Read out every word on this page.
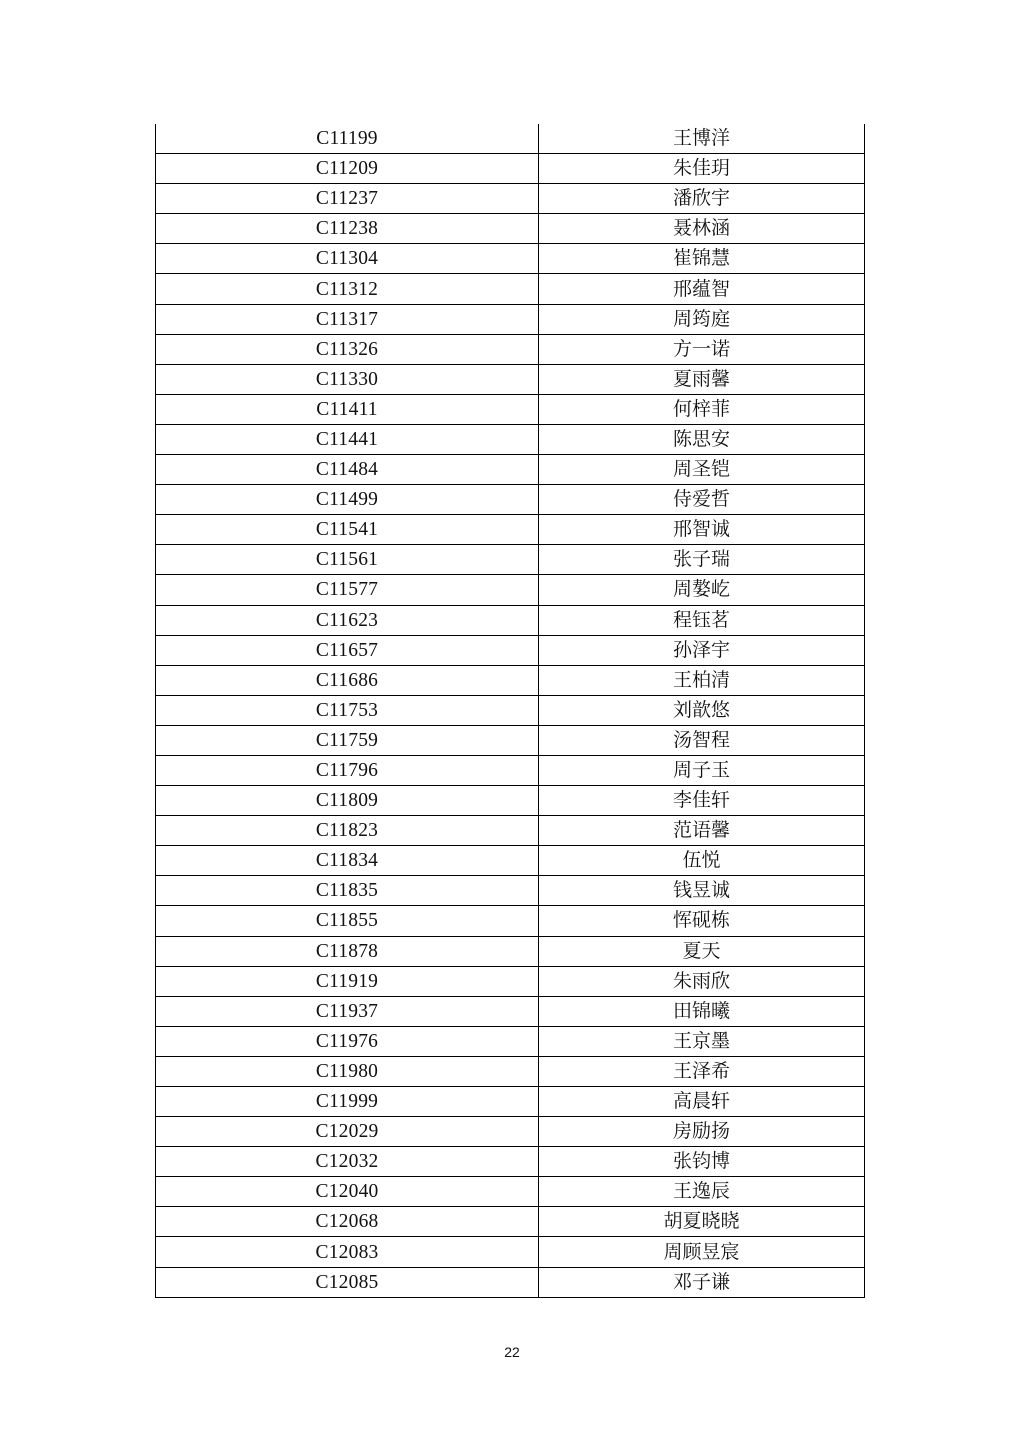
C11199	王博洋
C11209	朱佳玥
C11237	潘欣宇
C11238	聂林涵
C11304	崔锦慧
C11312	邢蕴智
C11317	周筠庭
C11326	方一诺
C11330	夏雨馨
C11411	何梓菲
C11441	陈思安
C11484	周圣铠
C11499	侍爱哲
C11541	邢智诚
C11561	张子瑞
C11577	周嫯屹
C11623	程钰茗
C11657	孙泽宇
C11686	王柏清
C11753	刘歆悠
C11759	汤智程
C11796	周子玉
C11809	李佳轩
C11823	范语馨
C11834	伍悦
C11835	钱昱诚
C11855	恽砚栋
C11878	夏天
C11919	朱雨欣
C11937	田锦曦
C11976	王京墨
C11980	王泽希
C11999	高晨轩
C12029	房励扬
C12032	张钧博
C12040	王逸辰
C12068	胡夏晓晓
C12083	周顾昱宸
C12085	邓子谦
22
